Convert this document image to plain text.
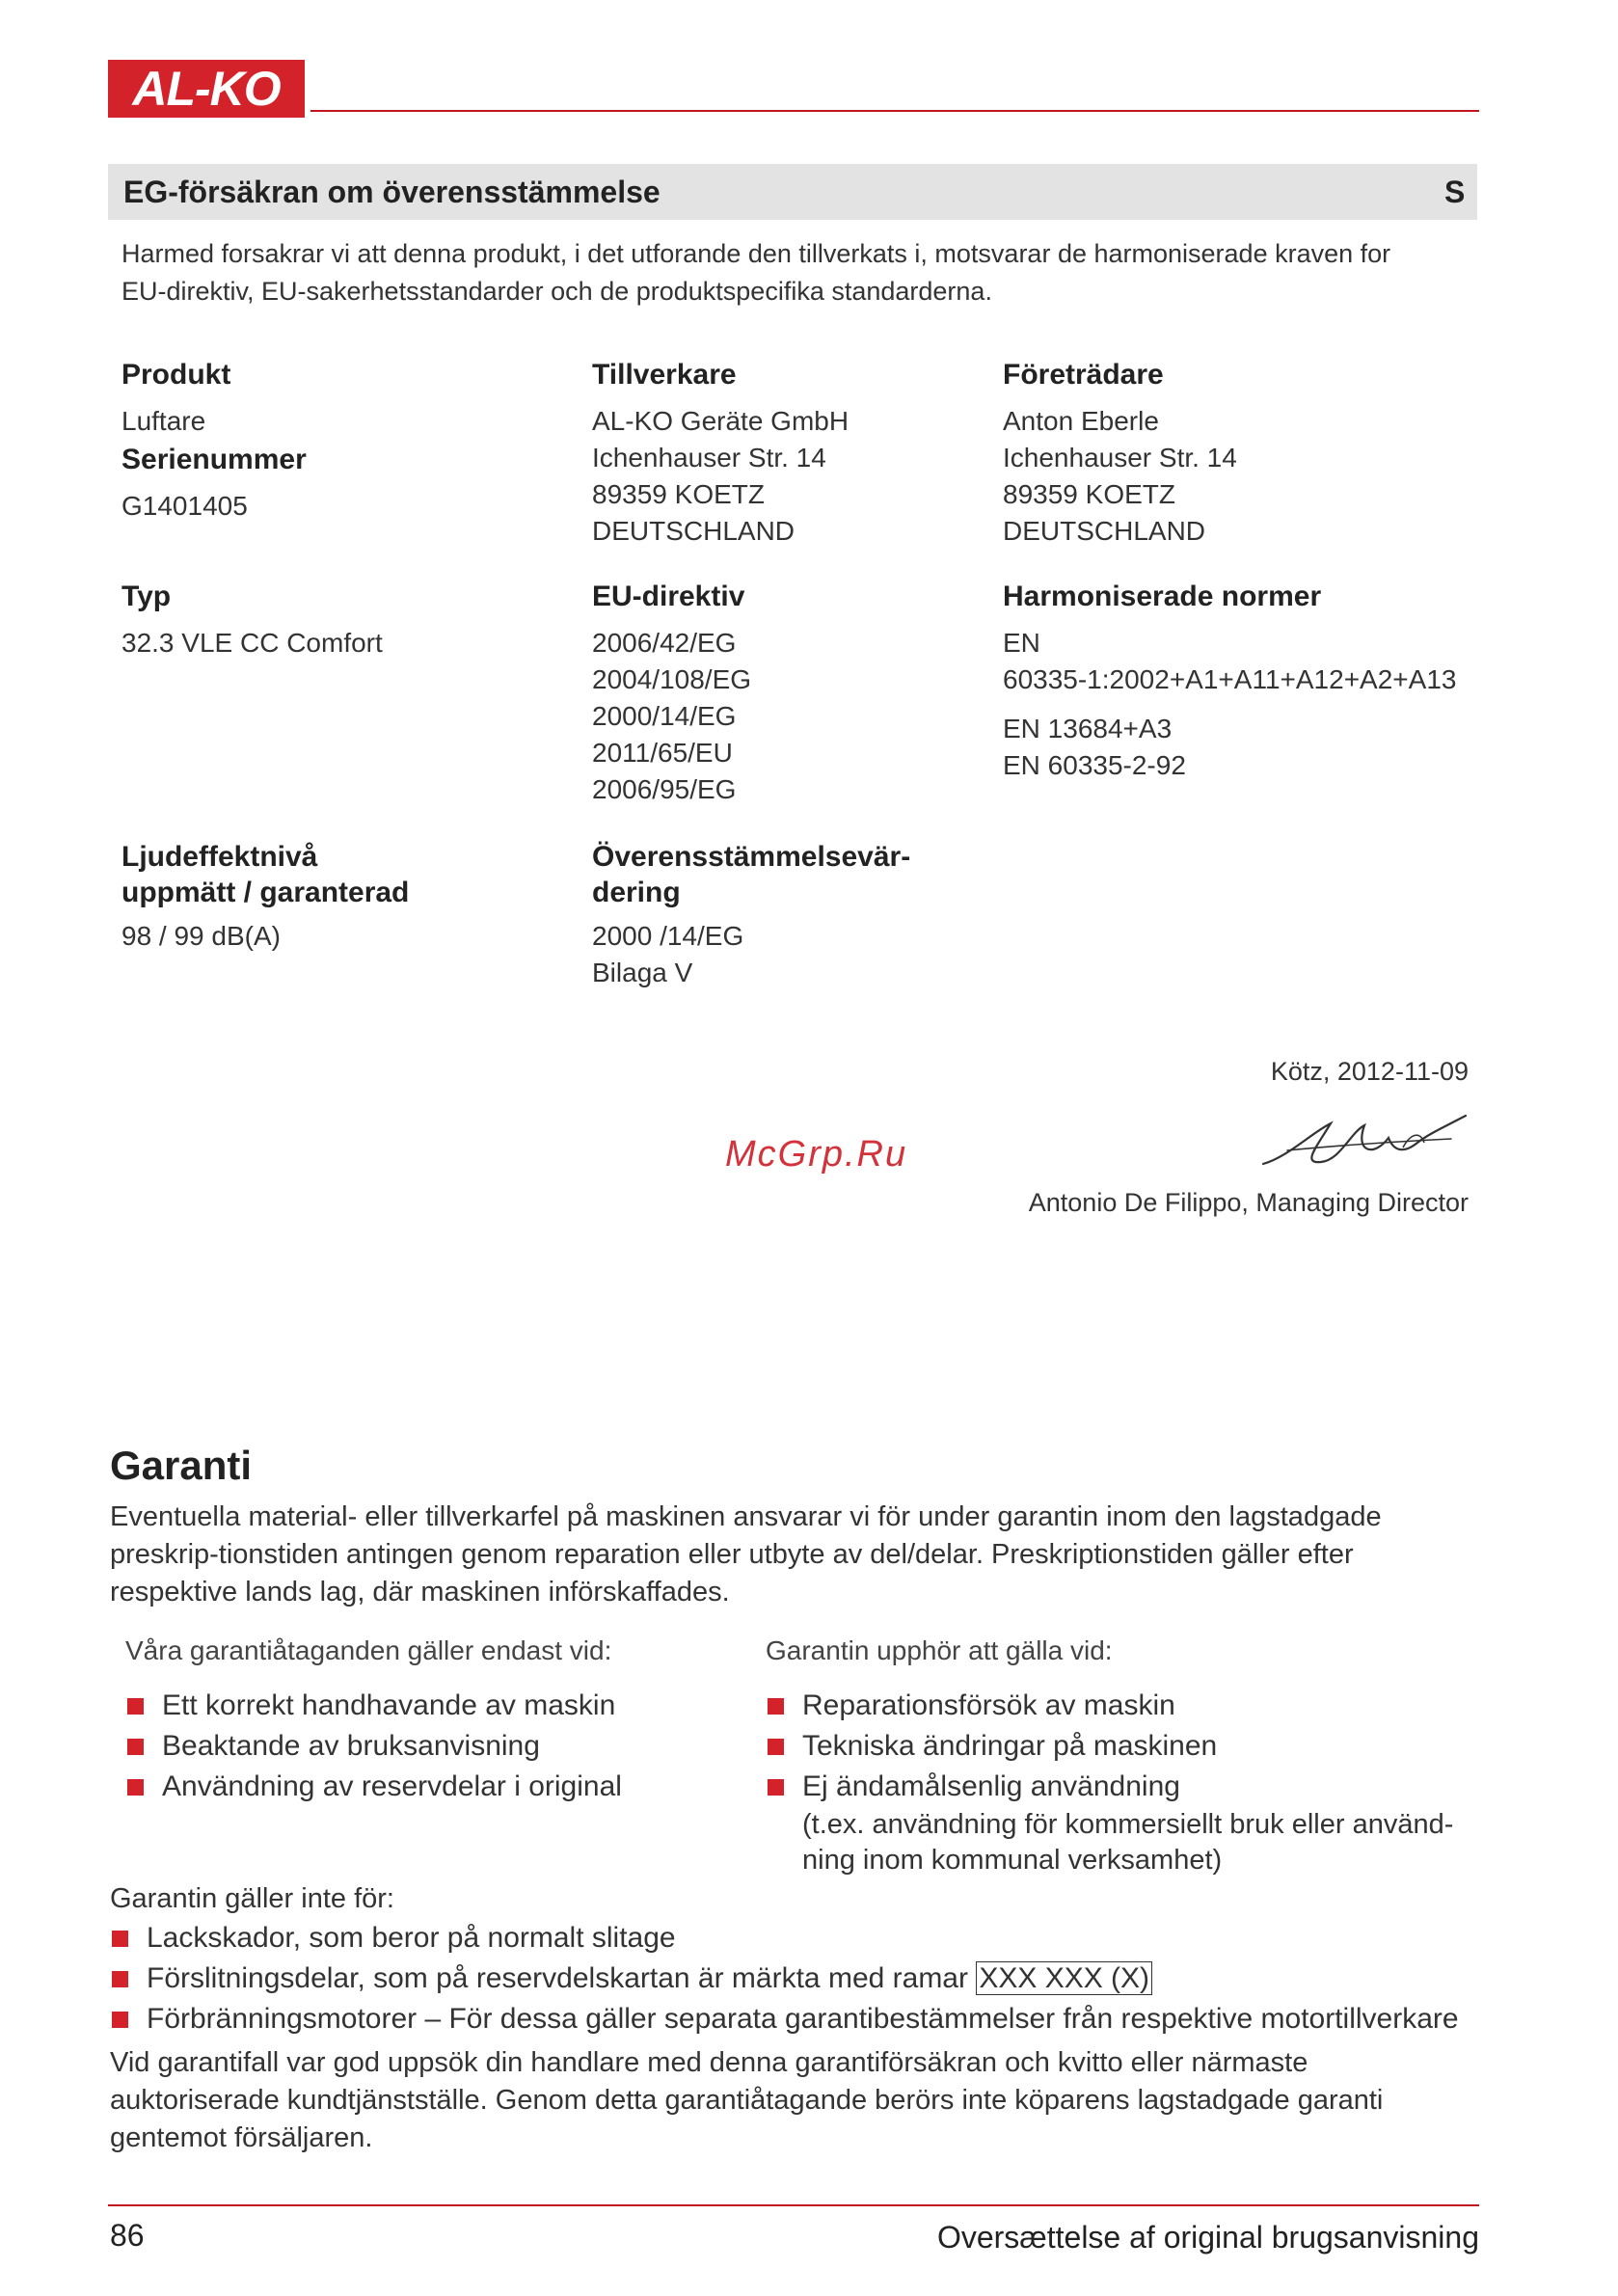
AL-KO
EG-försäkran om överensstämmelse	S
Harmed forsakrar vi att denna produkt, i det utforande den tillverkats i, motsvarar de harmoniserade kraven for EU-direktiv, EU-sakerhetsstandarder och de produktspecifika standarderna.
Produkt
Luftare
Serienummer
G1401405
Tillverkare
AL-KO Geräte GmbH
Ichenhauser Str. 14
89359 KOETZ
DEUTSCHLAND
Företrädare
Anton Eberle
Ichenhauser Str. 14
89359 KOETZ
DEUTSCHLAND
Typ
32.3 VLE CC Comfort
EU-direktiv
2006/42/EG
2004/108/EG
2000/14/EG
2011/65/EU
2006/95/EG
Harmoniserade normer
EN
60335-1:2002+A1+A11+A12+A2+A13
EN 13684+A3
EN 60335-2-92
Ljudeffektnivå
uppmätt / garanterad
98 / 99 dB(A)
Överensstämmelsevär-
dering
2000 /14/EG
Bilaga V
Kötz, 2012-11-09
McGrp.Ru
Antonio De Filippo, Managing Director
Garanti
Eventuella material- eller tillverkarfel på maskinen ansvarar vi för under garantin inom den lagstadgade preskrip-tionstiden antingen genom reparation eller utbyte av del/delar. Preskriptionstiden gäller efter respektive lands lag, där maskinen införskaffades.
Våra garantiåtaganden gäller endast vid:
Ett korrekt handhavande av maskin
Beaktande av bruksanvisning
Användning av reservdelar i original
Garantin upphör att gälla vid:
Reparationsförsök av maskin
Tekniska ändringar på maskinen
Ej ändamålsenlig användning
(t.ex. användning för kommersiellt bruk eller använd-ning inom kommunal verksamhet)
Garantin gäller inte för:
Lackskador, som beror på normalt slitage
Förslitningsdelar, som på reservdelskartan är märkta med ramar XXX XXX (X)
Förbränningsmotorer – För dessa gäller separata garantibestämmelser från respektive motortillverkare
Vid garantifall var god uppsök din handlare med denna garantiförsäkran och kvitto eller närmaste auktoriserade kundtjänstställe. Genom detta garantiåtagande berörs inte köparens lagstadgade garanti gentemot försäljaren.
86	Oversættelse af original brugsanvisning
